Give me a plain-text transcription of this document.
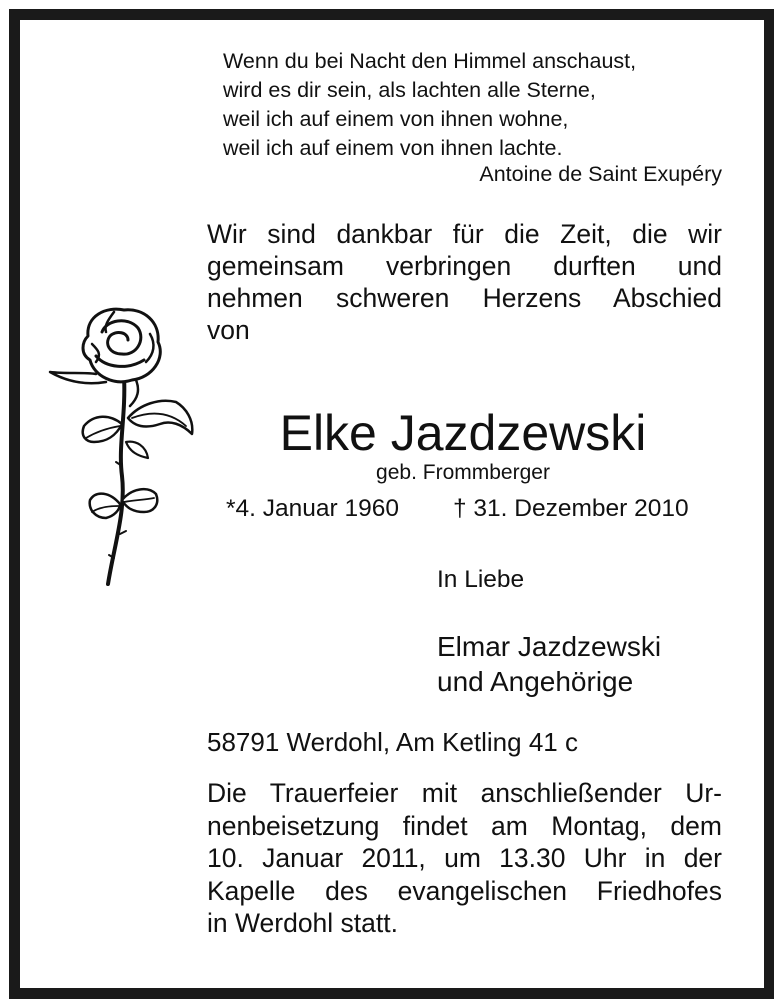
Wenn du bei Nacht den Himmel anschaust,
wird es dir sein, als lachten alle Sterne,
weil ich auf einem von ihnen wohne,
weil ich auf einem von ihnen lachte.
Antoine de Saint Exupéry
Wir sind dankbar für die Zeit, die wir
gemeinsam verbringen durften und
nehmen schweren Herzens Abschied
von
Elke Jazdzewski
geb. Frommberger
*4. Januar 1960 † 31. Dezember 2010
In Liebe
Elmar Jazdzewski
und Angehörige
58791 Werdohl, Am Ketling 41 c
Die Trauerfeier mit anschließender Ur-
nenbeisetzung findet am Montag, dem
10. Januar 2011, um 13.30 Uhr in der
Kapelle des evangelischen Friedhofes
in Werdohl statt.
